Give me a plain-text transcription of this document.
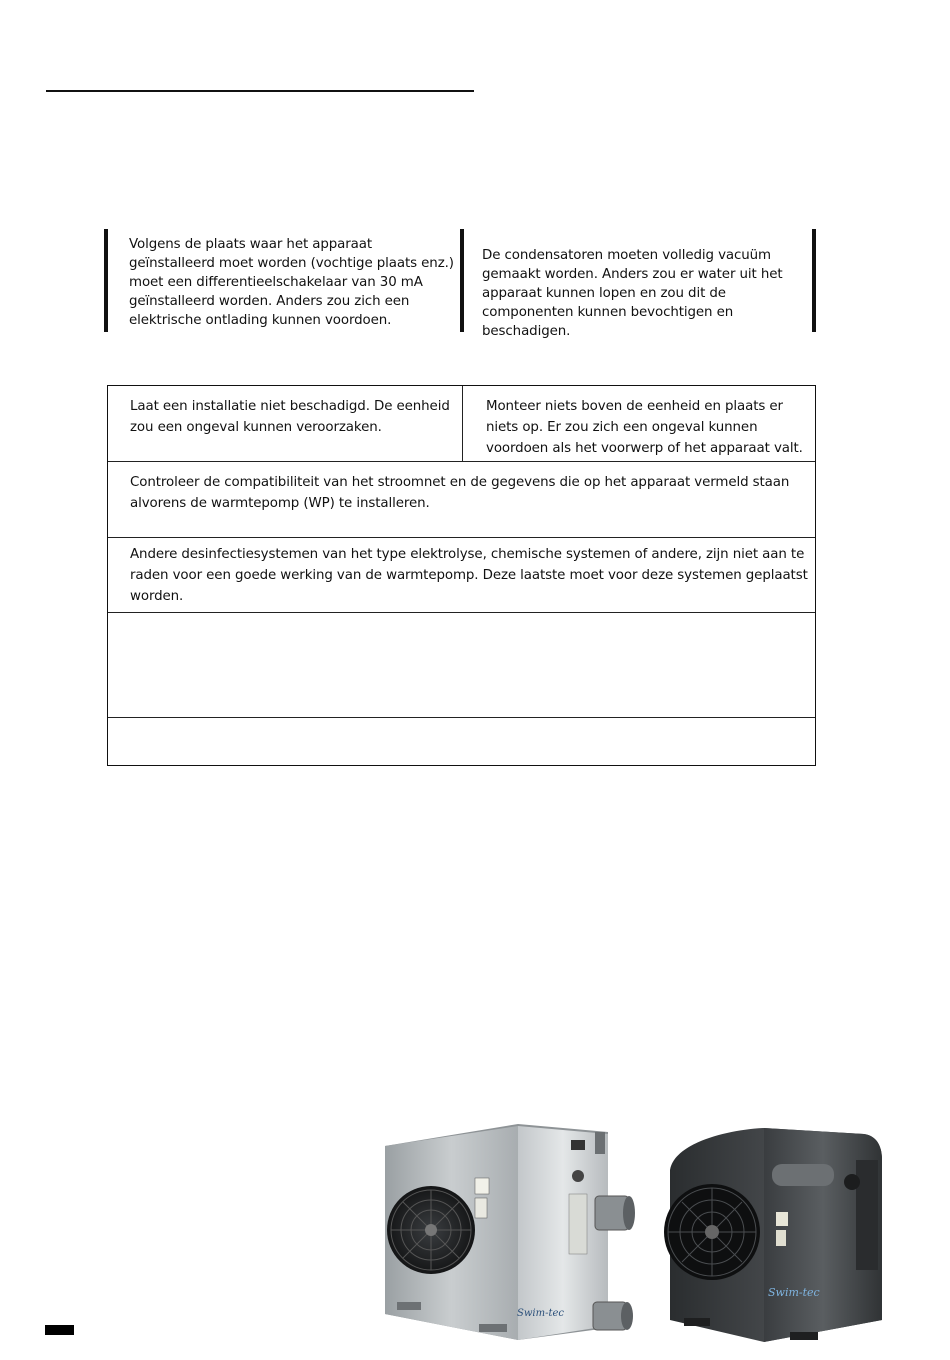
Volgens de plaats waar het apparaat geïnstalleerd moet worden (vochtige plaats enz.) moet een differentieelschakelaar van 30 mA geïnstalleerd worden. Anders zou zich een elektrische ontlading kunnen voordoen.
De condensatoren moeten volledig vacuüm gemaakt worden. Anders zou er water uit het apparaat kunnen lopen en zou dit de componenten kunnen bevochtigen en beschadigen.
Laat een installatie niet beschadigd. De eenheid zou een ongeval kunnen veroorzaken.
Monteer niets boven de eenheid en plaats er niets op. Er zou zich een ongeval kunnen voordoen als het voorwerp of het apparaat valt.
Controleer de compatibiliteit van het stroomnet en de gegevens die op het apparaat vermeld staan alvorens de warmtepomp (WP) te installeren.
Andere desinfectiesystemen van het type elektrolyse, chemische systemen of andere, zijn niet aan te raden voor een goede werking van de warmtepomp. Deze laatste moet voor deze systemen geplaatst worden.
Swim-tec
Swim-tec
